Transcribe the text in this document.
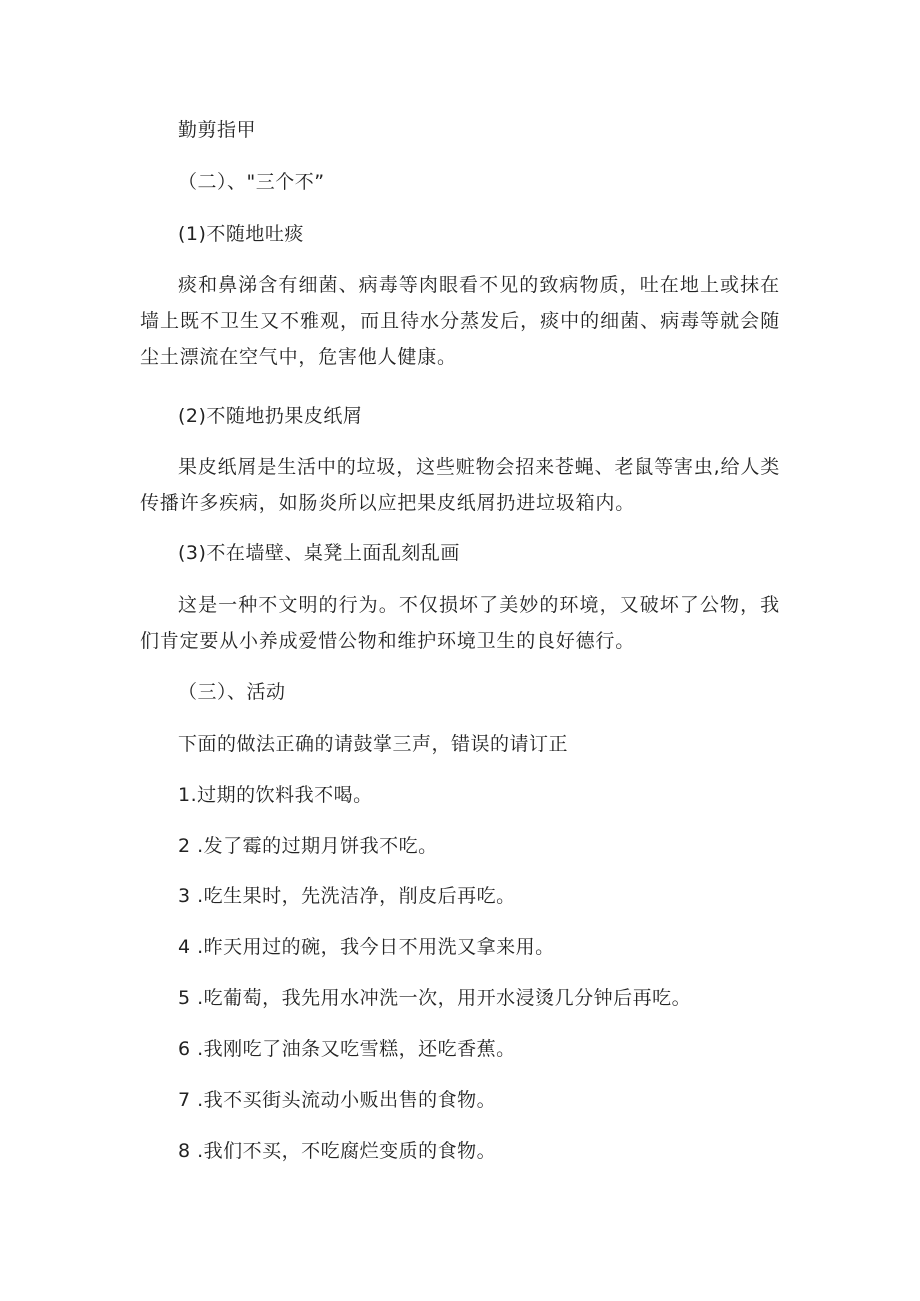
勤剪指甲
（二）、"三个不”
(1)不随地吐痰
痰和鼻涕含有细菌、病毒等肉眼看不见的致病物质，吐在地上或抹在墙上既不卫生又不雅观，而且待水分蒸发后，痰中的细菌、病毒等就会随尘土漂流在空气中，危害他人健康。
(2)不随地扔果皮纸屑
果皮纸屑是生活中的垃圾，这些赃物会招来苍蝇、老鼠等害虫,给人类传播许多疾病，如肠炎所以应把果皮纸屑扔进垃圾箱内。
(3)不在墙壁、桌凳上面乱刻乱画
这是一种不文明的行为。不仅损坏了美妙的环境，又破坏了公物，我们肯定要从小养成爱惜公物和维护环境卫生的良好德行。
（三）、活动
下面的做法正确的请鼓掌三声，错误的请订正
1.过期的饮料我不喝。
2 .发了霉的过期月饼我不吃。
3 .吃生果时，先洗洁净，削皮后再吃。
4 .昨天用过的碗，我今日不用洗又拿来用。
5 .吃葡萄，我先用水冲洗一次，用开水浸烫几分钟后再吃。
6 .我刚吃了油条又吃雪糕，还吃香蕉。
7 .我不买街头流动小贩出售的食物。
8 .我们不买，不吃腐烂变质的食物。
